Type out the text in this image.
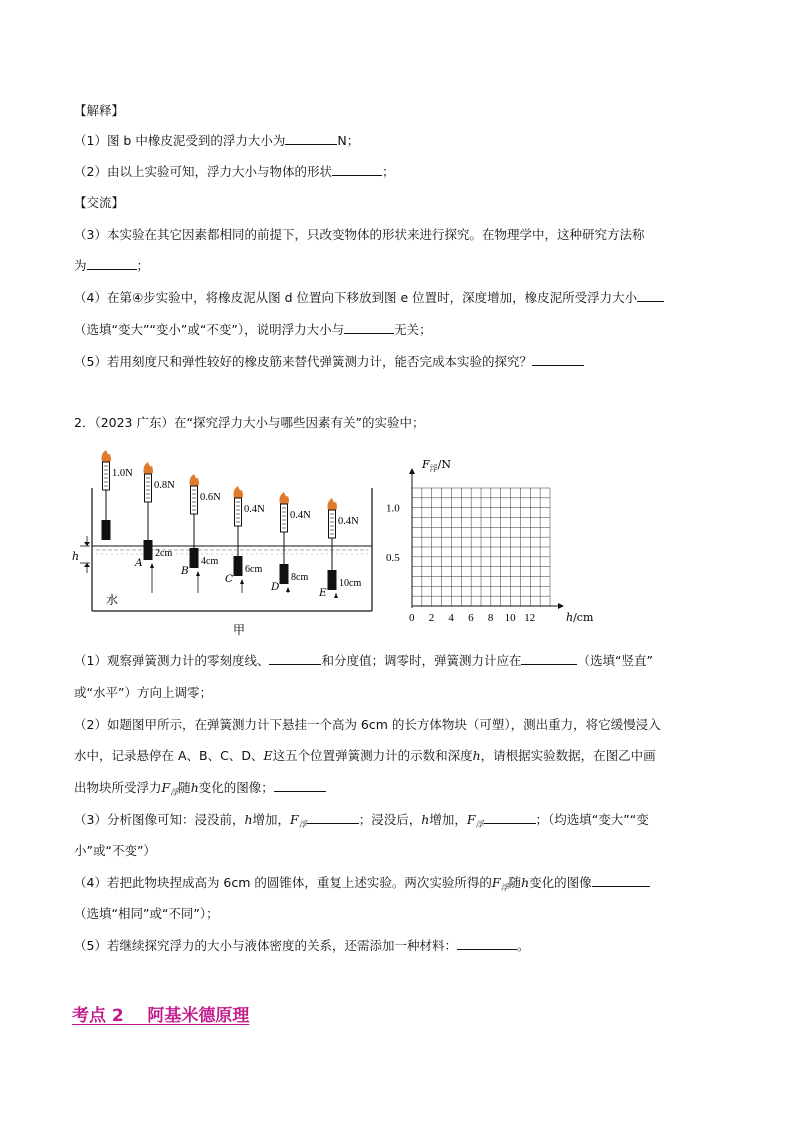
【解释】
（1）图 b 中橡皮泥受到的浮力大小为	N；
（2）由以上实验可知，浮力大小与物体的形状	；
【交流】
（3）本实验在其它因素都相同的前提下，只改变物体的形状来进行探究。在物理学中，这种研究方法称
为	；
（4）在第④步实验中，将橡皮泥从图 d 位置向下移放到图 e 位置时，深度增加，橡皮泥所受浮力大小
（选填“变大”“变小”或“不变”），说明浮力大小与	无关；
（5）若用刻度尺和弹性较好的橡皮筋来替代弹簧测力计，能否完成本实验的探究？
2．（2023 广东）在“探究浮力大小与哪些因素有关”的实验中；
水
h
1.0N
0.8N
2cm
A
0.6N
4cm
B
0.4N
6cm
C
0.4N
8cm
D
0.4N
10cm
E
甲
$F_浮/N$
1.0
0.5
0 2 4 6 8 10 12	h/cm
（1）观察弹簧测力计的零刻度线、	和分度值；调零时，弹簧测力计应在	（选填“竖直”
或“水平”）方向上调零；
（2）如题图甲所示，在弹簧测力计下悬挂一个高为 6cm 的长方体物块（可塑），测出重力，将它缓慢浸入
水中，记录悬停在 A、B、C、D、E这五个位置弹簧测力计的示数和深度h，请根据实验数据，在图乙中画
出物块所受浮力$F_浮$随h变化的图像；
（3）分析图像可知：浸没前，h增加，$F_浮$	；浸没后，h增加，$F_浮$	；（均选填“变大”“变
小”或“不变”）
（4）若把此物块捏成高为 6cm 的圆锥体，重复上述实验。两次实验所得的$F_浮$随h变化的图像
（选填“相同”或“不同”）；
（5）若继续探究浮力的大小与液体密度的关系，还需添加一种材料：	。
考点 2    阿基米德原理
